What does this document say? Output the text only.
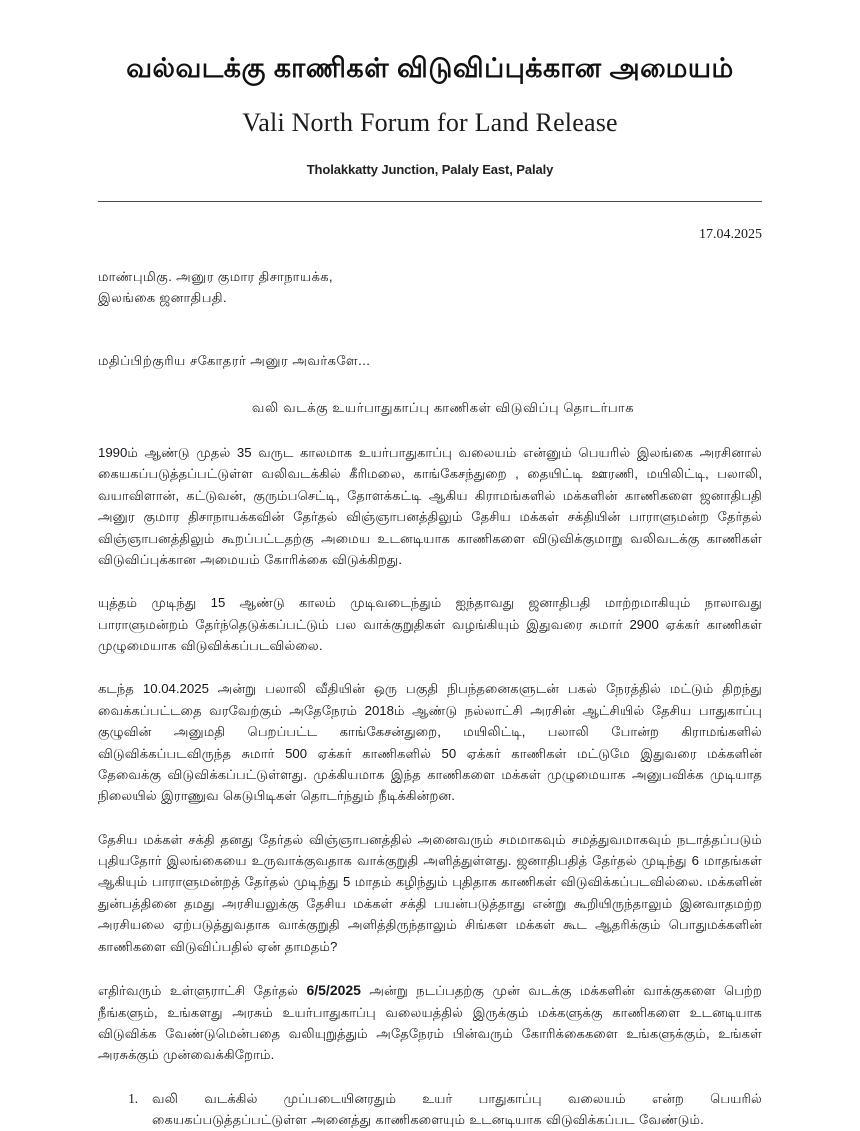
வல்வடக்கு காணிகள் விடுவிப்புக்கான அமையம்
Vali North Forum for Land Release
Tholakkatty Junction, Palaly East, Palaly
17.04.2025
மாண்புமிகு. அனுர குமார திசாநாயக்க,
இலங்கை ஜனாதிபதி.
மதிப்பிற்குரிய சகோதரர் அனுர அவர்களே...
வலி வடக்கு உயர்பாதுகாப்பு காணிகள் விடுவிப்பு தொடர்பாக

1990ம் ஆண்டு முதல் 35 வருட காலமாக உயர்பாதுகாப்பு வலையம் என்னும் பெயரில் இலங்கை அரசினால் கையகப்படுத்தப்பட்டுள்ள வலிவடக்கில் கீரிமலை, காங்கேசந்துறை , தையிட்டி ஊரணி, மயிலிட்டி, பலாலி, வயாவிளான், கட்டுவன், குரும்பசெட்டி, தோளக்கட்டி ஆகிய கிராமங்களில் மக்களின் காணிகளை ஜனாதிபதி அனுர குமார திசாநாயக்கவின் தேர்தல் விஞ்ஞாபனத்திலும் தேசிய மக்கள் சக்தியின் பாராளுமன்ற தேர்தல் விஞ்ஞாபனத்திலும் கூறப்பட்டதற்கு அமைய உடனடியாக காணிகளை விடுவிக்குமாறு வலிவடக்கு காணிகள் விடுவிப்புக்கான அமையம் கோரிக்கை விடுக்கிறது.

யுத்தம் முடிந்து 15 ஆண்டு காலம் முடிவடைந்தும் ஐந்தாவது ஜனாதிபதி மாற்றமாகியும் நாலாவது பாராளுமன்றம் தேர்ந்தெடுக்கப்பட்டும் பல வாக்குறுதிகள் வழங்கியும் இதுவரை சுமார் 2900 ஏக்கர் காணிகள் முழுமையாக விடுவிக்கப்படவில்லை.

கடந்த 10.04.2025 அன்று பலாலி வீதியின் ஒரு பகுதி நிபந்தனைகளுடன் பகல் நேரத்தில் மட்டும் திறந்து வைக்கப்பட்டதை வரவேற்கும் அதேநேரம் 2018ம் ஆண்டு நல்லாட்சி அரசின் ஆட்சியில் தேசிய பாதுகாப்பு குழுவின் அனுமதி பெறப்பட்ட காங்கேசன்துறை, மயிலிட்டி, பலாலி போன்ற கிராமங்களில் விடுவிக்கப்படவிருந்த சுமார் 500 ஏக்கர் காணிகளில் 50 ஏக்கர் காணிகள் மட்டுமே இதுவரை மக்களின் தேவைக்கு விடுவிக்கப்பட்டுள்ளது. முக்கியமாக இந்த காணிகளை மக்கள் முழுமையாக அனுபவிக்க முடியாத நிலையில் இராணுவ கெடுபிடிகள் தொடர்ந்தும் நீடிக்கின்றன.

தேசிய மக்கள் சக்தி தனது தேர்தல் விஞ்ஞாபனத்தில் அனைவரும் சமமாகவும் சமத்துவமாகவும் நடாத்தப்படும் புதியதோர் இலங்கையை உருவாக்குவதாக வாக்குறுதி அளித்துள்ளது. ஜனாதிபதித் தேர்தல் முடிந்து 6 மாதங்கள் ஆகியும் பாராளுமன்றத் தேர்தல் முடிந்து 5 மாதம் கழிந்தும் புதிதாக காணிகள் விடுவிக்கப்படவில்லை. மக்களின் துன்பத்தினை தமது அரசியலுக்கு தேசிய மக்கள் சக்தி பயன்படுத்தாது என்று கூறியிருந்தாலும் இனவாதமற்ற அரசியலை ஏற்படுத்துவதாக வாக்குறுதி அளித்திருந்தாலும் சிங்கள மக்கள் கூட ஆதரிக்கும் பொதுமக்களின் காணிகளை விடுவிப்பதில் ஏன் தாமதம்?

எதிர்வரும் உள்ளுராட்சி தேர்தல் 6/5/2025 அன்று நடப்பதற்கு முன் வடக்கு மக்களின் வாக்குகளை பெற்ற நீங்களும், உங்களது அரசும் உயர்பாதுகாப்பு வலையத்தில் இருக்கும் மக்களுக்கு காணிகளை உடனடியாக விடுவிக்க வேண்டுமென்பதை வலியுறுத்தும் அதேநேரம் பின்வரும் கோரிக்கைகளை உங்களுக்கும், உங்கள் அரசுக்கும் முன்வைக்கிறோம்.

1. வலி வடக்கில் முப்படையினரதும் உயர் பாதுகாப்பு வலையம் என்ற பெயரில் கையகப்படுத்தப்பட்டுள்ள அனைத்து காணிகளையும் உடனடியாக விடுவிக்கப்பட வேண்டும்.
